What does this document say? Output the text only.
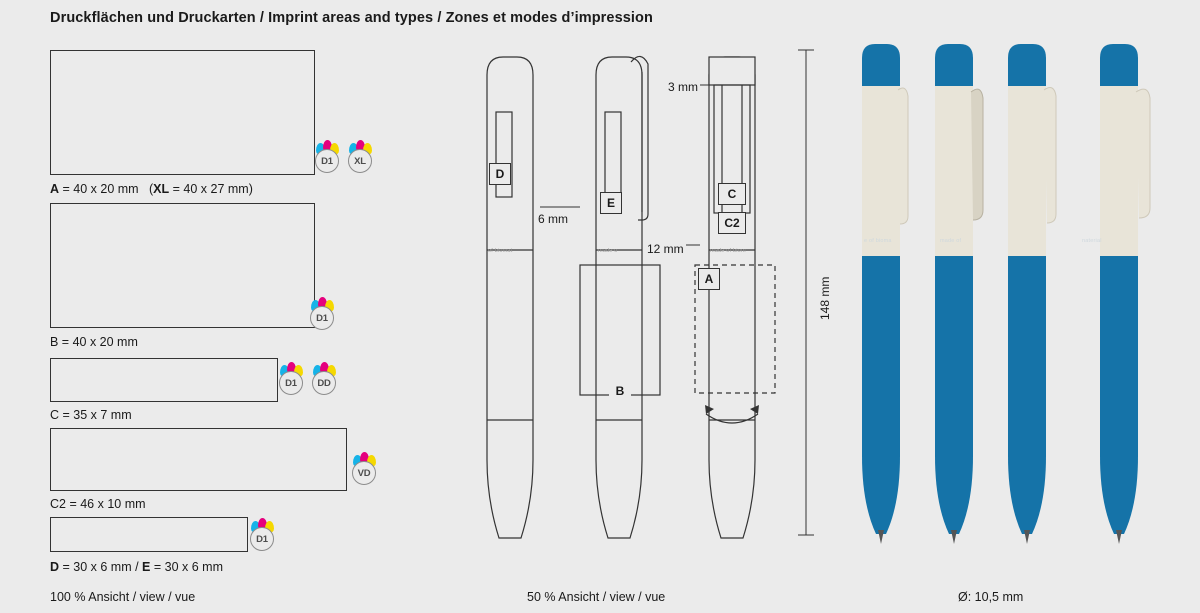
Druckflächen und Druckarten / Imprint areas and types / Zones et modes d’impression
A = 40 x 20 mm   (XL = 40 x 27 mm)
D1	XL
B = 40 x 20 mm
D1
C = 35 x 7 mm
D1	DD
C2 = 46 x 10 mm
VD
D = 30 x 6 mm / E = 30 x 6 mm
D1
D
E
B
C
C2
A
3 mm
6 mm
12 mm
148 mm
of biomat	made o	made of biom
e of bioma	made of	naterial
100 % Ansicht / view / vue	50 % Ansicht / view / vue	Ø: 10,5 mm
